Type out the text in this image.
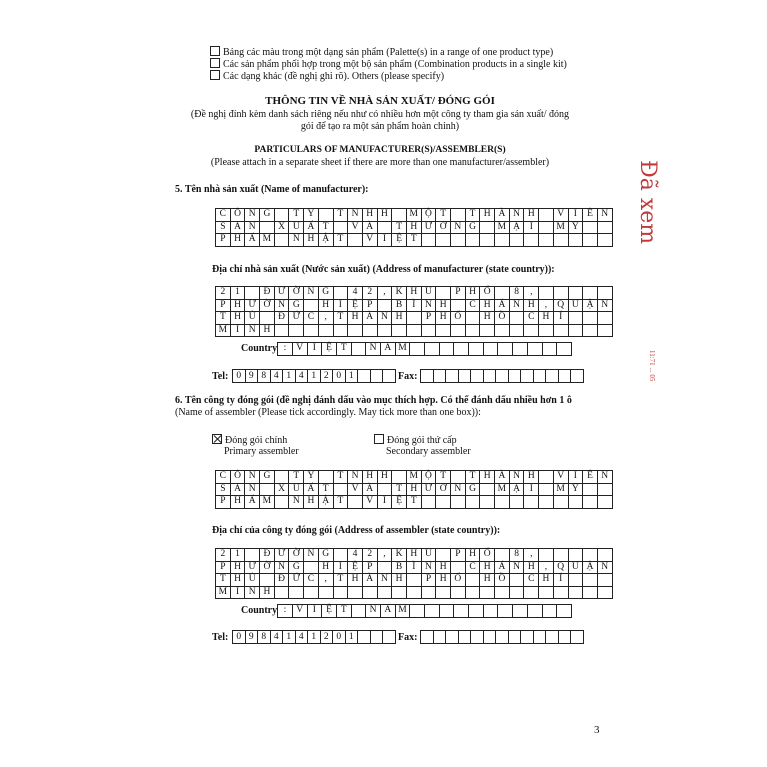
Bảng các màu trong một dạng sản phẩm (Palette(s) in a range of one product type)
Các sản phẩm phối hợp trong một bộ sản phẩm (Combination products in a single kit)
Các dạng khác (đề nghị ghi rõ). Others (please specify)
THÔNG TIN VỀ NHÀ SẢN XUẤT/ ĐÓNG GÓI
(Đề nghị đính kèm danh sách riêng nếu như có nhiều hơn một công ty tham gia sản xuất/ đóng
gói để tạo ra một sản phẩm hoàn chỉnh)
PARTICULARS OF MANUFACTURER(S)/ASSEMBLER(S)
(Please attach in a separate sheet if there are more than one manufacturer/assembler)
5. Tên nhà sản xuất (Name of manufacturer):
C	Ô	N	G		T	Y		T	N	H	H		M	Ộ	T		T	H	À	N	H		V	I	Ê	N
S	Ả	N		X	U	Ấ	T		V	À		T	H	Ư	Ơ	N	G		M	Ạ	I		M	Ỹ		
P	H	Ẩ	M		N	H	Ậ	T		V	I	Ệ	T													
Địa chỉ nhà sản xuất (Nước sản xuất) (Address of manufacturer (state country)):
2	1		Đ	Ư	Ờ	N	G		4	2	,	K	H	U		P	H	Ố		8	,					
P	H	Ư	Ờ	N	G		H	I	Ệ	P		B	Ì	N	H		C	H	Á	N	H	,	Q	U	Ậ	N
T	H	Ủ		Đ	Ứ	C	,	T	H	À	N	H		P	H	Ố		H	Ồ		C	H	Í			
M	I	N	H																							
Country	:	V	I	Ệ	T		N	A	M											
Tel: 0	9	8	4	1	4	1	2	0	1				Fax:

6. Tên công ty đóng gói (đề nghị đánh dấu vào mục thích hợp. Có thể đánh dấu nhiều hơn 1 ô
(Name of assembler (Please tick accordingly. May tick more than one box)):
Đóng gói chính
Primary assembler
Đóng gói thứ cấp
Secondary assembler
C	Ô	N	G		T	Y		T	N	H	H		M	Ộ	T		T	H	À	N	H		V	I	Ê	N
S	Ả	N		X	U	Ấ	T		V	À		T	H	Ư	Ơ	N	G		M	Ạ	I		M	Ỹ		
P	H	Ẩ	M		N	H	Ậ	T		V	I	Ệ	T													
Địa chỉ của công ty đóng gói (Address of assembler (state country)):
2	1		Đ	Ư	Ờ	N	G		4	2	,	K	H	U		P	H	Ố		8	,					
P	H	Ư	Ờ	N	G		H	I	Ệ	P		B	Ì	N	H		C	H	Á	N	H	,	Q	U	Ậ	N
T	H	Ủ		Đ	Ứ	C	,	T	H	À	N	H		P	H	Ố		H	Ồ		C	H	Í			
M	I	N	H																							
Country	:	V	I	Ệ	T		N	A	M											
Tel: 0	9	8	4	1	4	1	2	0	1				Fax:

3
Đã xem
11:71 ... 05
